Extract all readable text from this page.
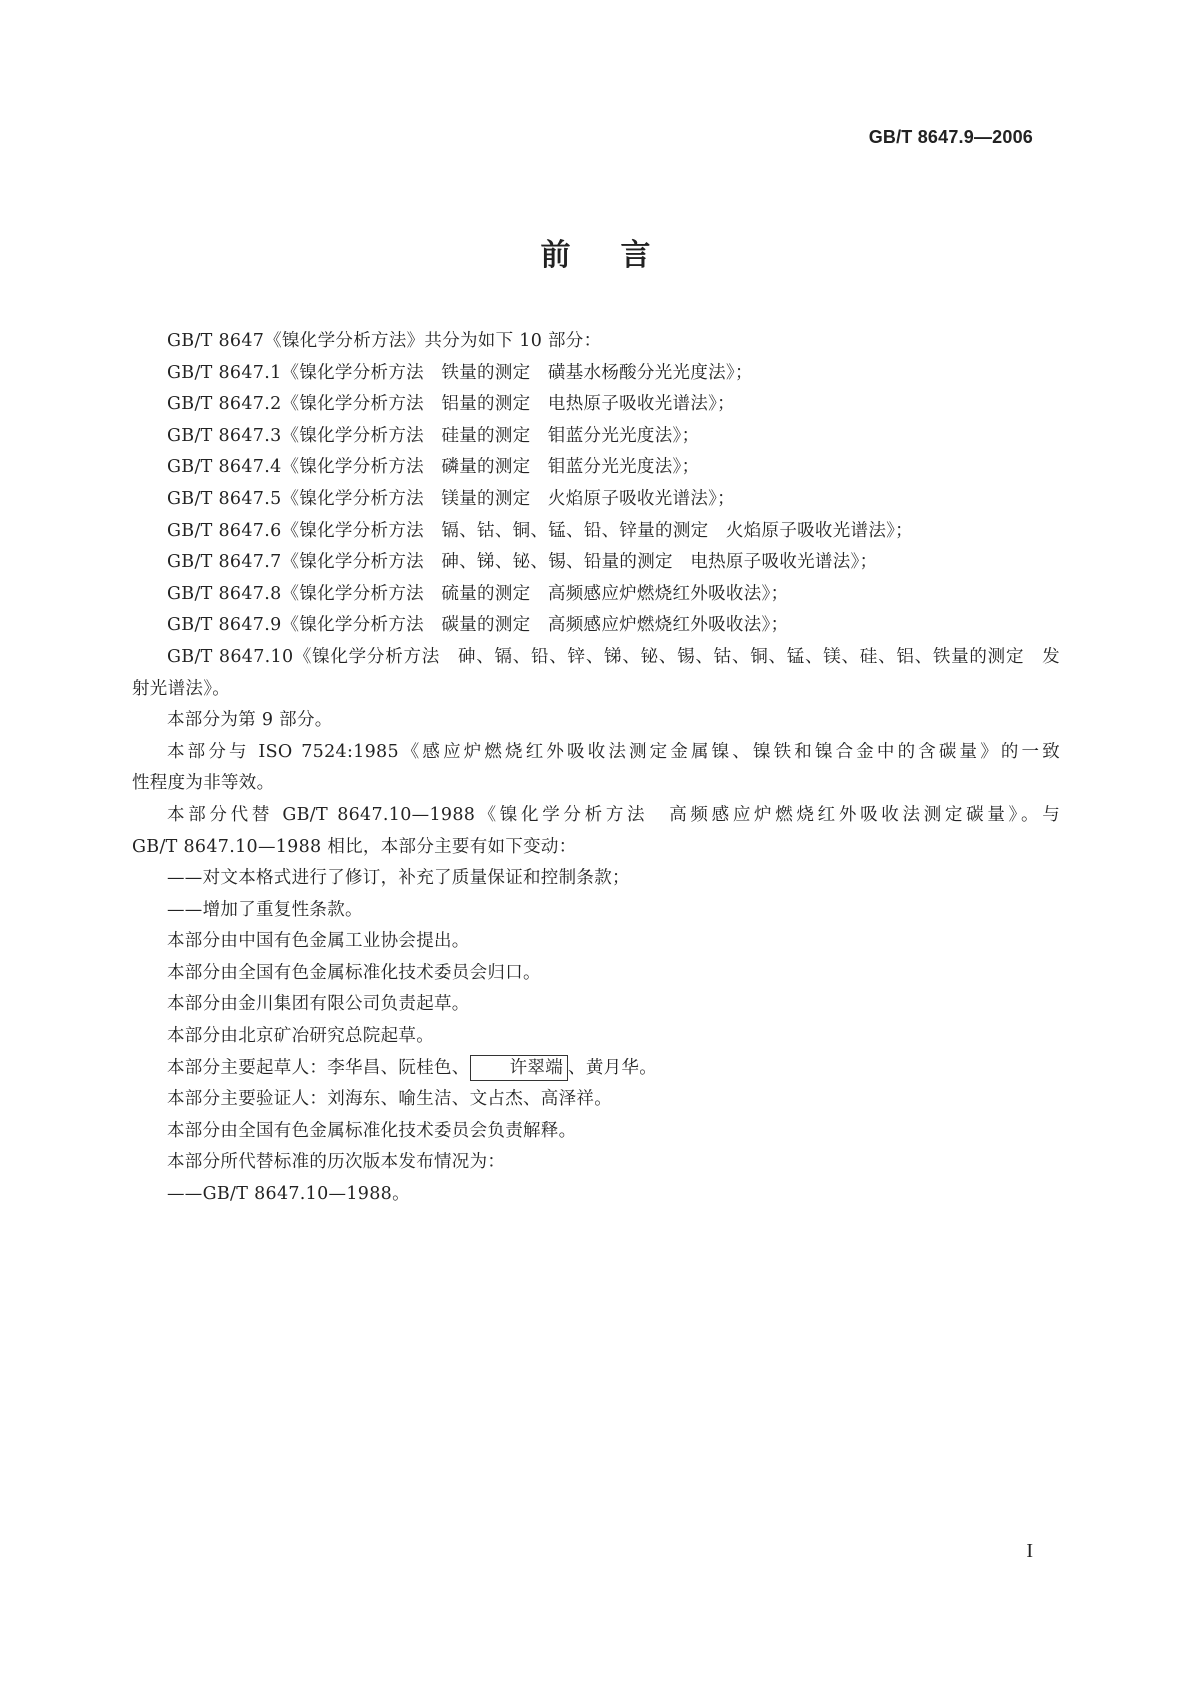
GB/T 8647.9—2006
前 言

GB/T 8647《镍化学分析方法》共分为如下 10 部分：

GB/T 8647.1《镍化学分析方法 铁量的测定 磺基水杨酸分光光度法》；

GB/T 8647.2《镍化学分析方法 铝量的测定 电热原子吸收光谱法》；

GB/T 8647.3《镍化学分析方法 硅量的测定 钼蓝分光光度法》；

GB/T 8647.4《镍化学分析方法 磷量的测定 钼蓝分光光度法》；

GB/T 8647.5《镍化学分析方法 镁量的测定 火焰原子吸收光谱法》；

GB/T 8647.6《镍化学分析方法 镉、钴、铜、锰、铅、锌量的测定 火焰原子吸收光谱法》；

GB/T 8647.7《镍化学分析方法 砷、锑、铋、锡、铅量的测定 电热原子吸收光谱法》；

GB/T 8647.8《镍化学分析方法 硫量的测定 高频感应炉燃烧红外吸收法》；

GB/T 8647.9《镍化学分析方法 碳量的测定 高频感应炉燃烧红外吸收法》；

GB/T 8647.10《镍化学分析方法 砷、镉、铅、锌、锑、铋、锡、钴、铜、锰、镁、硅、铝、铁量的测定 发

射光谱法》。

本部分为第 9 部分。

本部分与 ISO 7524:1985《感应炉燃烧红外吸收法测定金属镍、镍铁和镍合金中的含碳量》的一致

性程度为非等效。

本部分代替 GB/T 8647.10—1988《镍化学分析方法 高频感应炉燃烧红外吸收法测定碳量》。与

GB/T 8647.10—1988 相比，本部分主要有如下变动：

——对文本格式进行了修订，补充了质量保证和控制条款；

——增加了重复性条款。

本部分由中国有色金属工业协会提出。

本部分由全国有色金属标准化技术委员会归口。

本部分由金川集团有限公司负责起草。

本部分由北京矿冶研究总院起草。

本部分主要起草人：李华昌、阮桂色、 许翠端 、黄月华。

本部分主要验证人：刘海东、喻生洁、文占杰、高泽祥。

本部分由全国有色金属标准化技术委员会负责解释。

本部分所代替标准的历次版本发布情况为：

——GB/T 8647.10—1988。

I
